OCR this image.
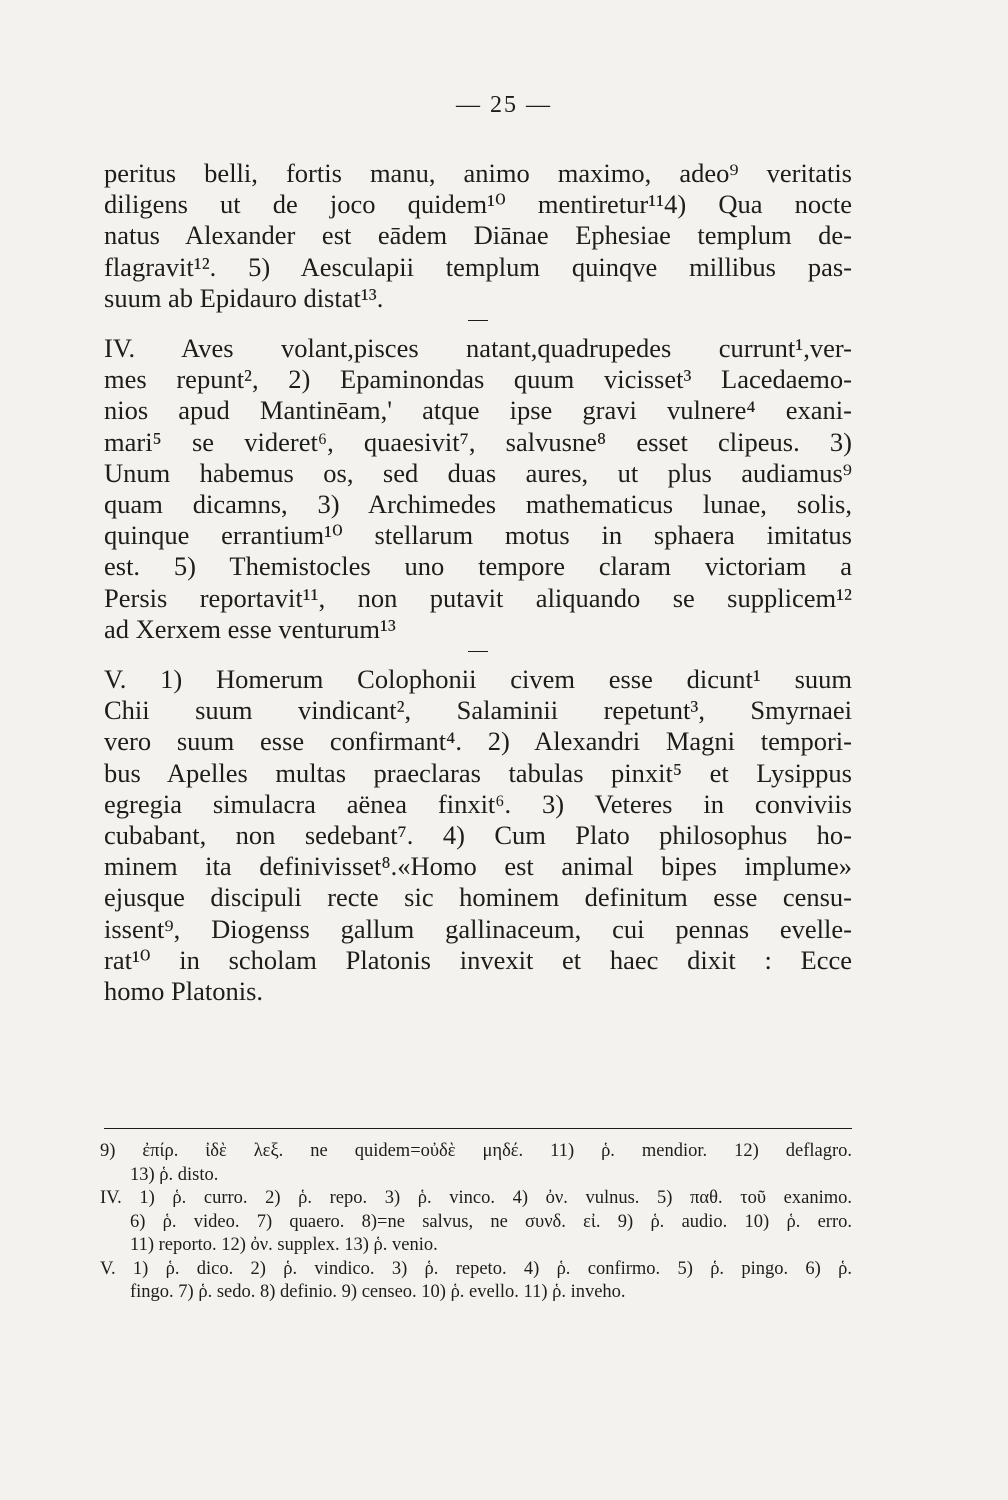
— 25 —
peritus belli, fortis manu, animo maximo, adeo⁹ veritatis
diligens ut de joco quidem¹⁰ mentiretur¹¹4) Qua nocte
natus Alexander est eādem Diānae Ephesiae templum de-
flagravit¹². 5) Aesculapii templum quinqve millibus pas-
suum ab Epidauro distat¹³.
IV. Aves volant,pisces natant,quadrupedes currunt¹,ver-
mes repunt², 2) Epaminondas quum vicisset³ Lacedaemo-
nios apud Mantinēam,' atque ipse gravi vulnere⁴ exani-
mari⁵ se videret⁶, quaesivit⁷, salvusne⁸ esset clipeus. 3)
Unum habemus os, sed duas aures, ut plus audiamus⁹
quam dicamns, 3) Archimedes mathematicus lunae, solis,
quinque errantium¹⁰ stellarum motus in sphaera imitatus
est. 5) Themistocles uno tempore claram victoriam a
Persis reportavit¹¹, non putavit aliquando se supplicem¹²
ad Xerxem esse venturum¹³
V. 1) Homerum Colophonii civem esse dicunt¹ suum
Chii suum vindicant², Salaminii repetunt³, Smyrnaei
vero suum esse confirmant⁴. 2) Alexandri Magni tempori-
bus Apelles multas praeclaras tabulas pinxit⁵ et Lysippus
egregia simulacra aënea finxit⁶. 3) Veteres in conviviis
cubabant, non sedebant⁷. 4) Cum Plato philosophus ho-
minem ita definivisset⁸.«Homo est animal bipes implume»
ejusque discipuli recte sic hominem definitum esse censu-
issent⁹, Diogenss gallum gallinaceum, cui pennas evelle-
rat¹⁰ in scholam Platonis invexit et haec dixit : Ecce
homo Platonis.
9) ἐπίρ. ἰδὲ λεξ. ne quidem=οὐδὲ μηδέ. 11) ῥ. mendior. 12) deflagro.
13) ῥ. disto.
IV. 1) ῥ. curro. 2) ῥ. repo. 3) ῥ. vinco. 4) ὀν. vulnus. 5) παθ. τοῦ exanimo.
6) ῥ. video. 7) quaero. 8)=ne salvus, ne συνδ. εἰ. 9) ῥ. audio. 10) ῥ. erro.
11) reporto. 12) ὀν. supplex. 13) ῥ. venio.
V. 1) ῥ. dico. 2) ῥ. vindico. 3) ῥ. repeto. 4) ῥ. confirmo. 5) ῥ. pingo. 6) ῥ.
fingo. 7) ῥ. sedo. 8) definio. 9) censeo. 10) ῥ. evello. 11) ῥ. inveho.
